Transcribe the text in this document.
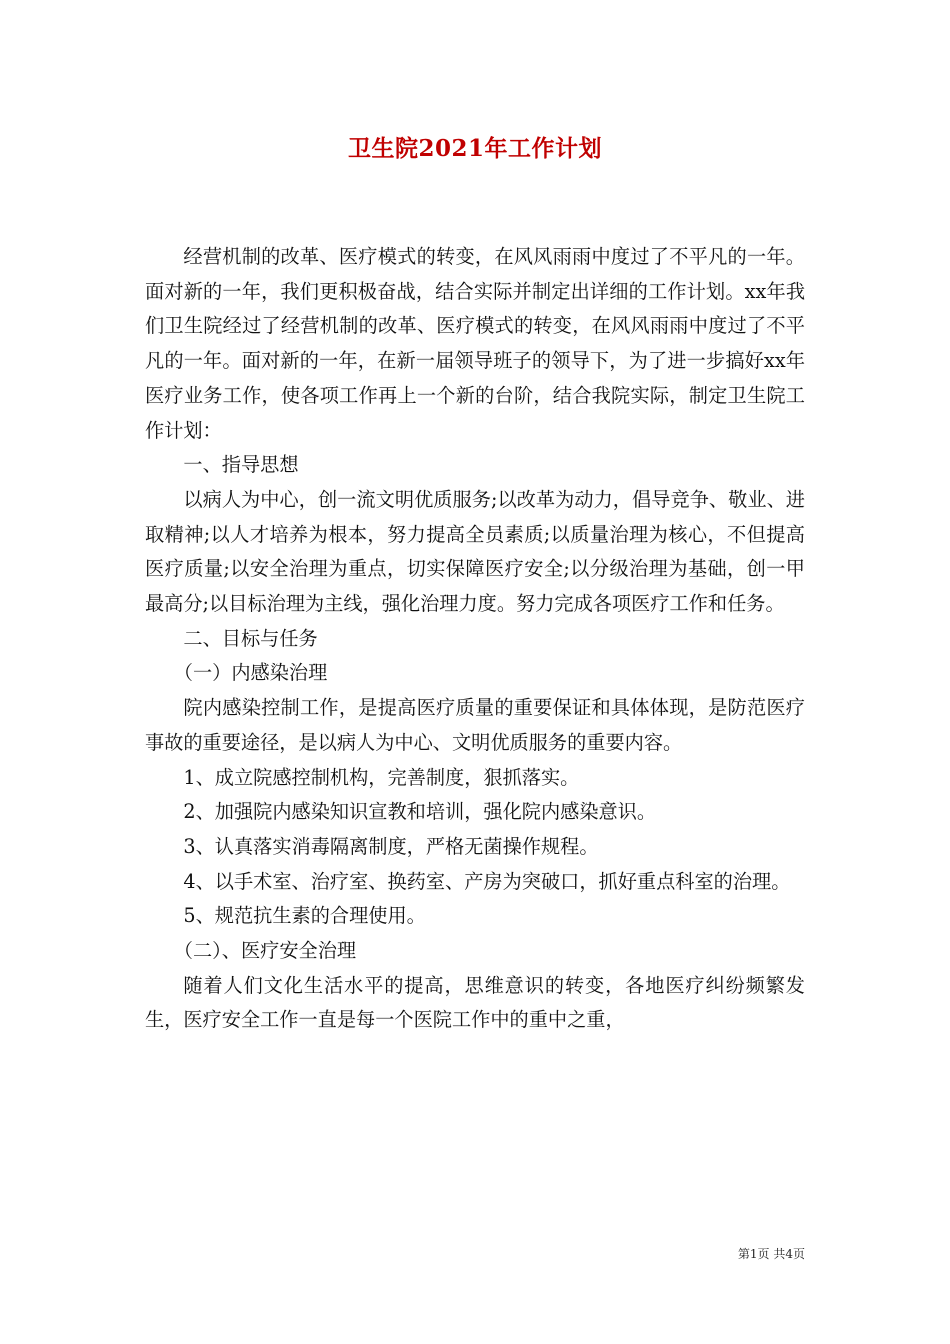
卫生院2021年工作计划

经营机制的改革、医疗模式的转变，在风风雨雨中度过了不平凡的一年。面对新的一年，我们更积极奋战，结合实际并制定出详细的工作计划。xx年我们卫生院经过了经营机制的改革、医疗模式的转变，在风风雨雨中度过了不平凡的一年。面对新的一年，在新一届领导班子的领导下，为了进一步搞好xx年医疗业务工作，使各项工作再上一个新的台阶，结合我院实际，制定卫生院工作计划：

一、指导思想

以病人为中心，创一流文明优质服务;以改革为动力，倡导竞争、敬业、进取精神;以人才培养为根本，努力提高全员素质;以质量治理为核心，不但提高医疗质量;以安全治理为重点，切实保障医疗安全;以分级治理为基础，创一甲最高分;以目标治理为主线，强化治理力度。努力完成各项医疗工作和任务。

二、目标与任务

（一）内感染治理

院内感染控制工作，是提高医疗质量的重要保证和具体体现，是防范医疗事故的重要途径，是以病人为中心、文明优质服务的重要内容。

1、成立院感控制机构，完善制度，狠抓落实。

2、加强院内感染知识宣教和培训，强化院内感染意识。

3、认真落实消毒隔离制度，严格无菌操作规程。

4、以手术室、治疗室、换药室、产房为突破口，抓好重点科室的治理。

5、规范抗生素的合理使用。

（二）、医疗安全治理

随着人们文化生活水平的提高，思维意识的转变，各地医疗纠纷频繁发生，医疗安全工作一直是每一个医院工作中的重中之重，

第1页 共4页
